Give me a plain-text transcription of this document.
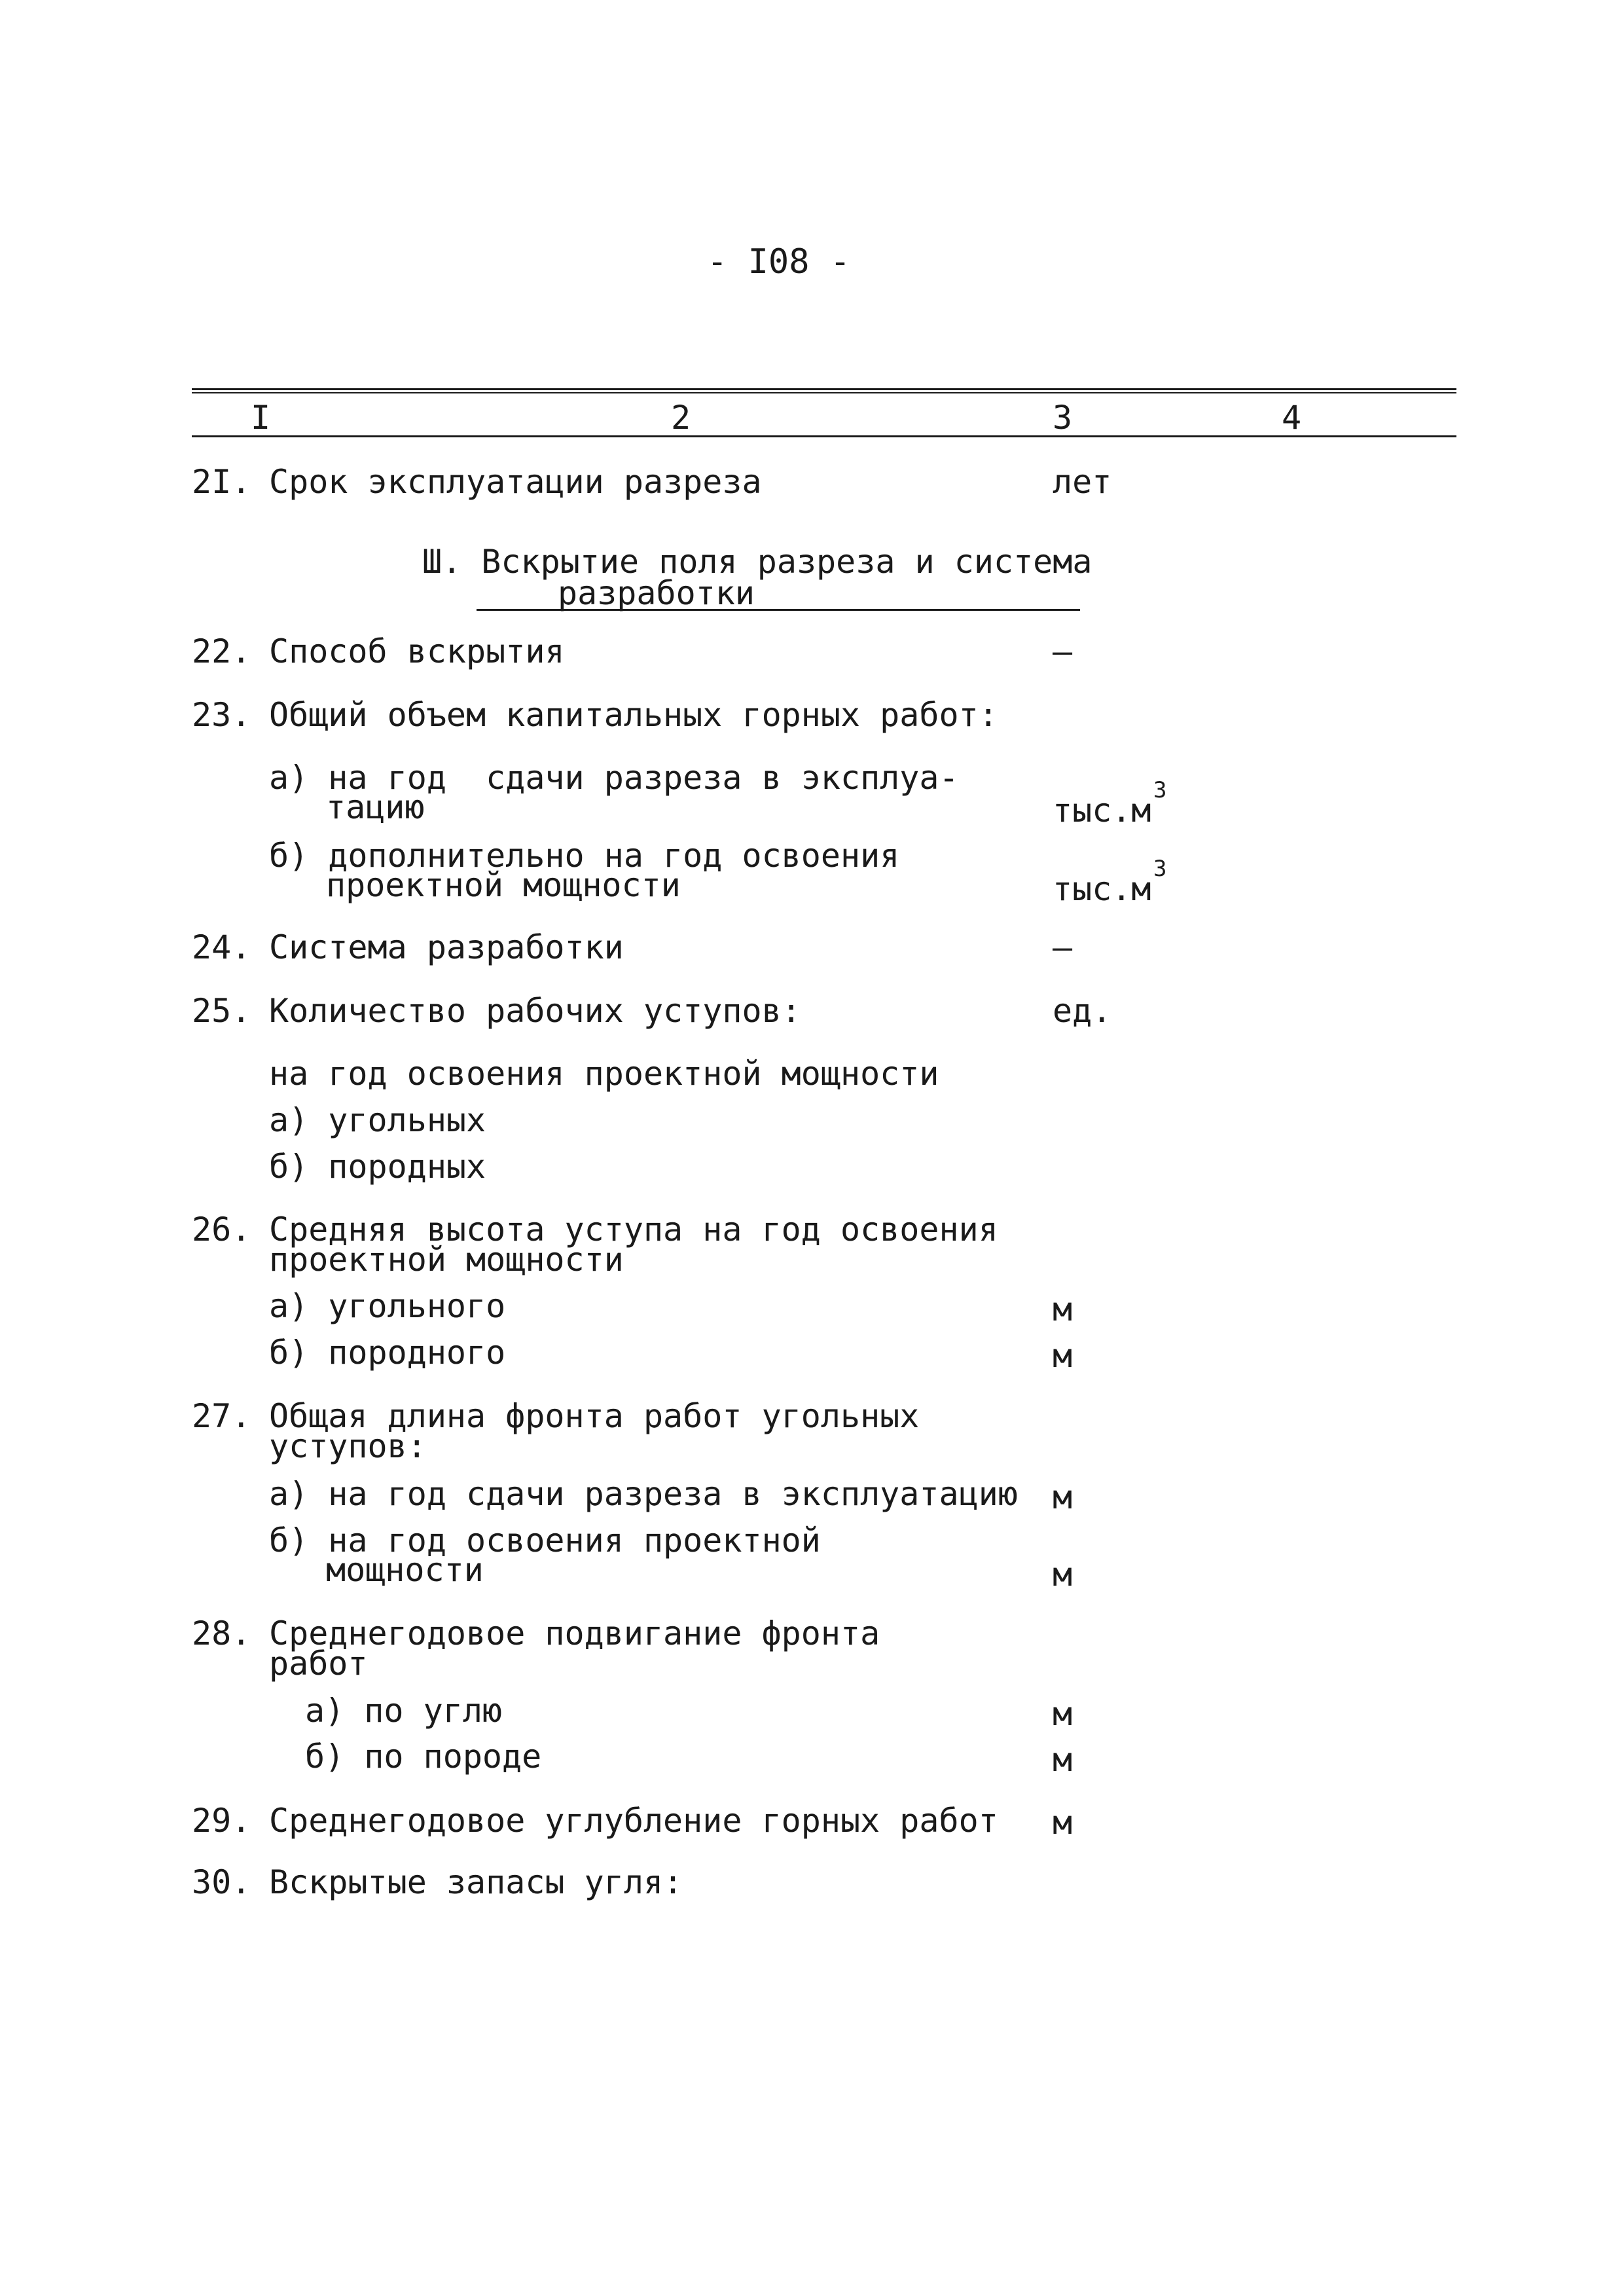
- I08 -
I	2	3	4
2I. Срок эксплуатации разреза	лет
Ш. Вскрытие поля разреза и система
разработки
22. Способ вскрытия	–
23. Общий объем капитальных горных работ:
а) на год  сдачи разреза в эксплуа-
тацию	тыс.м
3
б) дополнительно на год освоения
проектной мощности	тыс.м
3
24. Система разработки	–
25. Количество рабочих уступов:	ед.
на год освоения проектной мощности
а) угольных
б) породных
26. Средняя высота уступа на год освоения
проектной мощности
а) угольного	м
б) породного	м
27. Общая длина фронта работ угольных
уступов:
а) на год сдачи разреза в эксплуатацию м
б) на год освоения проектной
мощности	м
28. Среднегодовое подвигание фронта
работ
а) по углю	м
б) по породе	м
29. Среднегодовое углубление горных работ м
30. Вскрытые запасы угля:
